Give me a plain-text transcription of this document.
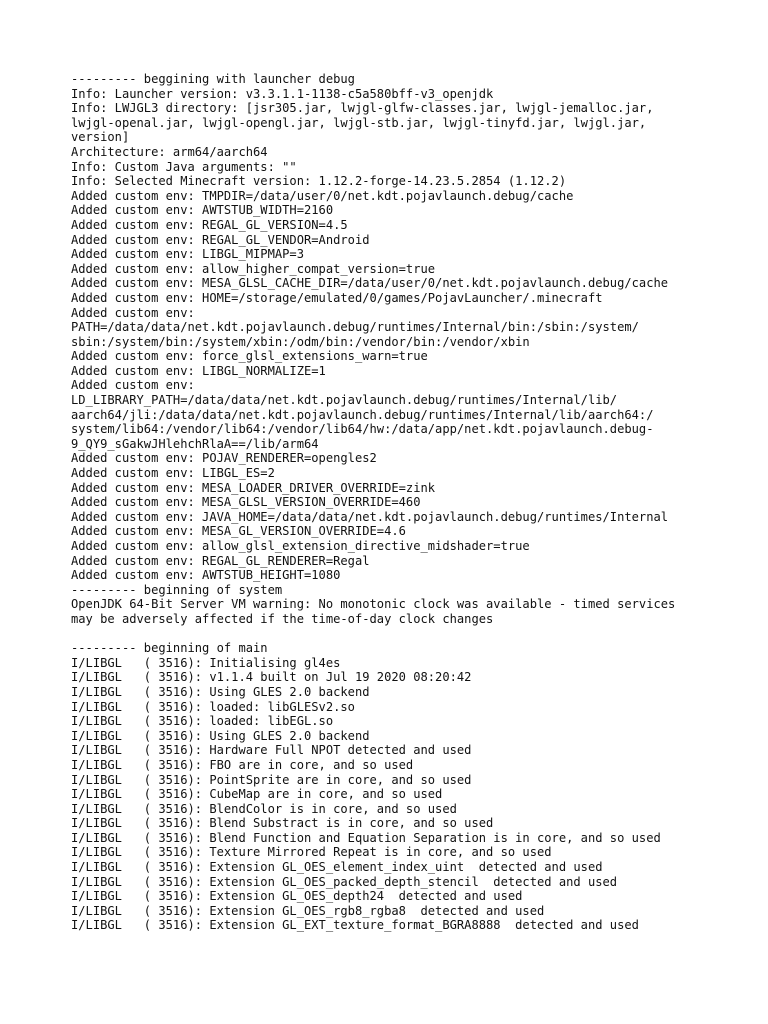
--------- beggining with launcher debug
Info: Launcher version: v3.3.1.1-1138-c5a580bff-v3_openjdk
Info: LWJGL3 directory: [jsr305.jar, lwjgl-glfw-classes.jar, lwjgl-jemalloc.jar,
lwjgl-openal.jar, lwjgl-opengl.jar, lwjgl-stb.jar, lwjgl-tinyfd.jar, lwjgl.jar,
version]
Architecture: arm64/aarch64
Info: Custom Java arguments: ""
Info: Selected Minecraft version: 1.12.2-forge-14.23.5.2854 (1.12.2)
Added custom env: TMPDIR=/data/user/0/net.kdt.pojavlaunch.debug/cache
Added custom env: AWTSTUB_WIDTH=2160
Added custom env: REGAL_GL_VERSION=4.5
Added custom env: REGAL_GL_VENDOR=Android
Added custom env: LIBGL_MIPMAP=3
Added custom env: allow_higher_compat_version=true
Added custom env: MESA_GLSL_CACHE_DIR=/data/user/0/net.kdt.pojavlaunch.debug/cache
Added custom env: HOME=/storage/emulated/0/games/PojavLauncher/.minecraft
Added custom env:
PATH=/data/data/net.kdt.pojavlaunch.debug/runtimes/Internal/bin:/sbin:/system/
sbin:/system/bin:/system/xbin:/odm/bin:/vendor/bin:/vendor/xbin
Added custom env: force_glsl_extensions_warn=true
Added custom env: LIBGL_NORMALIZE=1
Added custom env:
LD_LIBRARY_PATH=/data/data/net.kdt.pojavlaunch.debug/runtimes/Internal/lib/
aarch64/jli:/data/data/net.kdt.pojavlaunch.debug/runtimes/Internal/lib/aarch64:/
system/lib64:/vendor/lib64:/vendor/lib64/hw:/data/app/net.kdt.pojavlaunch.debug-
9_QY9_sGakwJHlehchRlaA==/lib/arm64
Added custom env: POJAV_RENDERER=opengles2
Added custom env: LIBGL_ES=2
Added custom env: MESA_LOADER_DRIVER_OVERRIDE=zink
Added custom env: MESA_GLSL_VERSION_OVERRIDE=460
Added custom env: JAVA_HOME=/data/data/net.kdt.pojavlaunch.debug/runtimes/Internal
Added custom env: MESA_GL_VERSION_OVERRIDE=4.6
Added custom env: allow_glsl_extension_directive_midshader=true
Added custom env: REGAL_GL_RENDERER=Regal
Added custom env: AWTSTUB_HEIGHT=1080
--------- beginning of system
OpenJDK 64-Bit Server VM warning: No monotonic clock was available - timed services
may be adversely affected if the time-of-day clock changes
--------- beginning of main
I/LIBGL   ( 3516): Initialising gl4es
I/LIBGL   ( 3516): v1.1.4 built on Jul 19 2020 08:20:42
I/LIBGL   ( 3516): Using GLES 2.0 backend
I/LIBGL   ( 3516): loaded: libGLESv2.so
I/LIBGL   ( 3516): loaded: libEGL.so
I/LIBGL   ( 3516): Using GLES 2.0 backend
I/LIBGL   ( 3516): Hardware Full NPOT detected and used
I/LIBGL   ( 3516): FBO are in core, and so used
I/LIBGL   ( 3516): PointSprite are in core, and so used
I/LIBGL   ( 3516): CubeMap are in core, and so used
I/LIBGL   ( 3516): BlendColor is in core, and so used
I/LIBGL   ( 3516): Blend Substract is in core, and so used
I/LIBGL   ( 3516): Blend Function and Equation Separation is in core, and so used
I/LIBGL   ( 3516): Texture Mirrored Repeat is in core, and so used
I/LIBGL   ( 3516): Extension GL_OES_element_index_uint  detected and used
I/LIBGL   ( 3516): Extension GL_OES_packed_depth_stencil  detected and used
I/LIBGL   ( 3516): Extension GL_OES_depth24  detected and used
I/LIBGL   ( 3516): Extension GL_OES_rgb8_rgba8  detected and used
I/LIBGL   ( 3516): Extension GL_EXT_texture_format_BGRA8888  detected and used
